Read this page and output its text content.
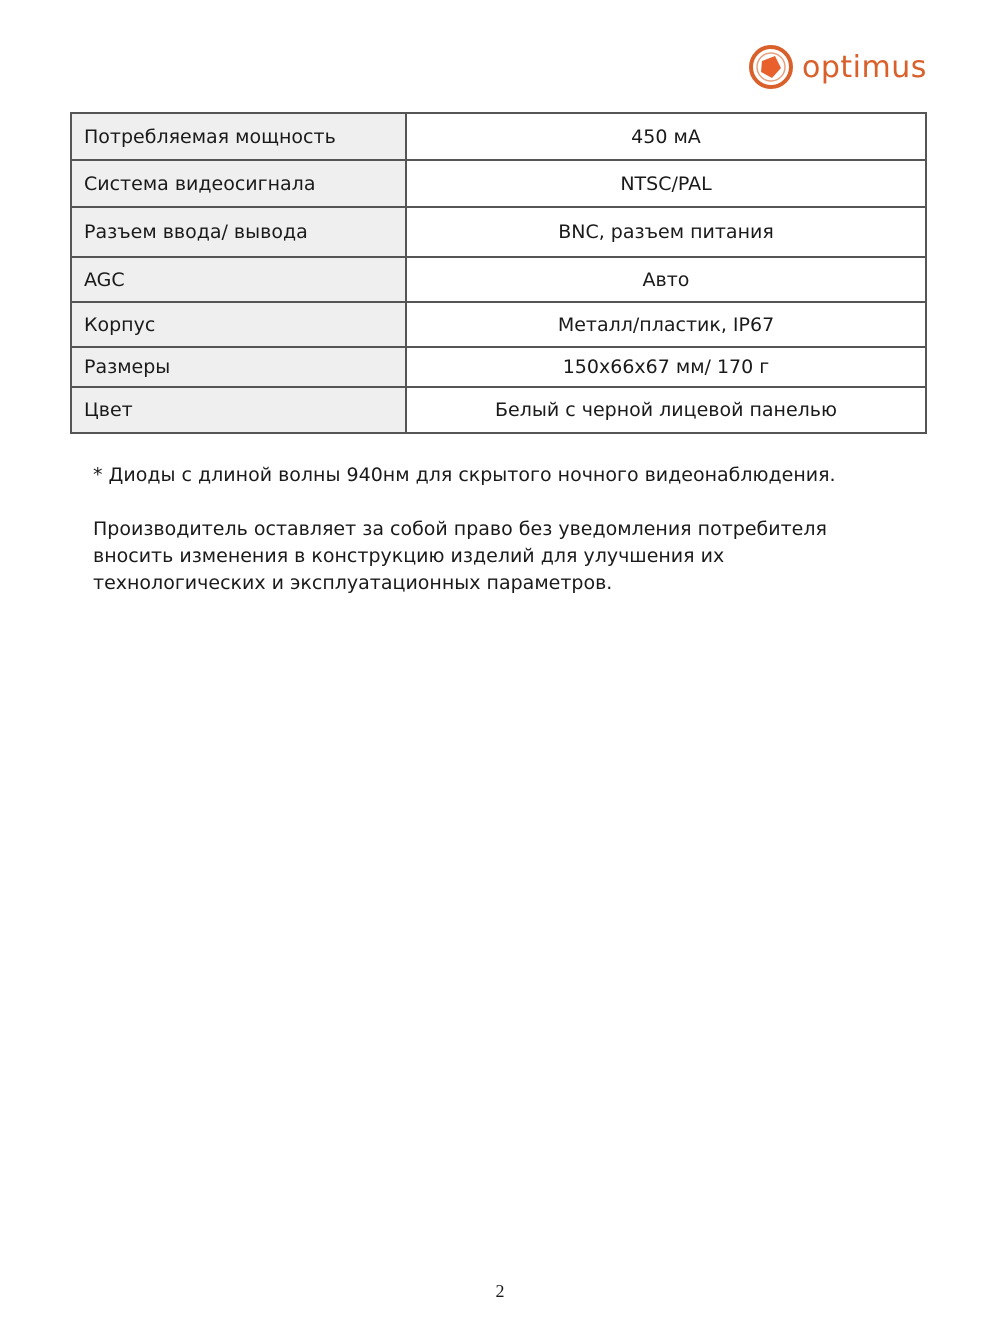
optimus
Потребляемая мощность	450 мА
Система видеосигнала	NTSC/PAL
Разъем ввода/ вывода	BNC, разъем питания
AGC	Авто
Корпус	Металл/пластик, IP67
Размеры	150x66x67 мм/ 170 г
Цвет	Белый с черной лицевой панелью
* Диоды с длиной волны 940нм для скрытого ночного видеонаблюдения.
Производитель оставляет за собой право без уведомления потребителя вносить изменения в конструкцию изделий для улучшения их технологических и эксплуатационных параметров.
2
